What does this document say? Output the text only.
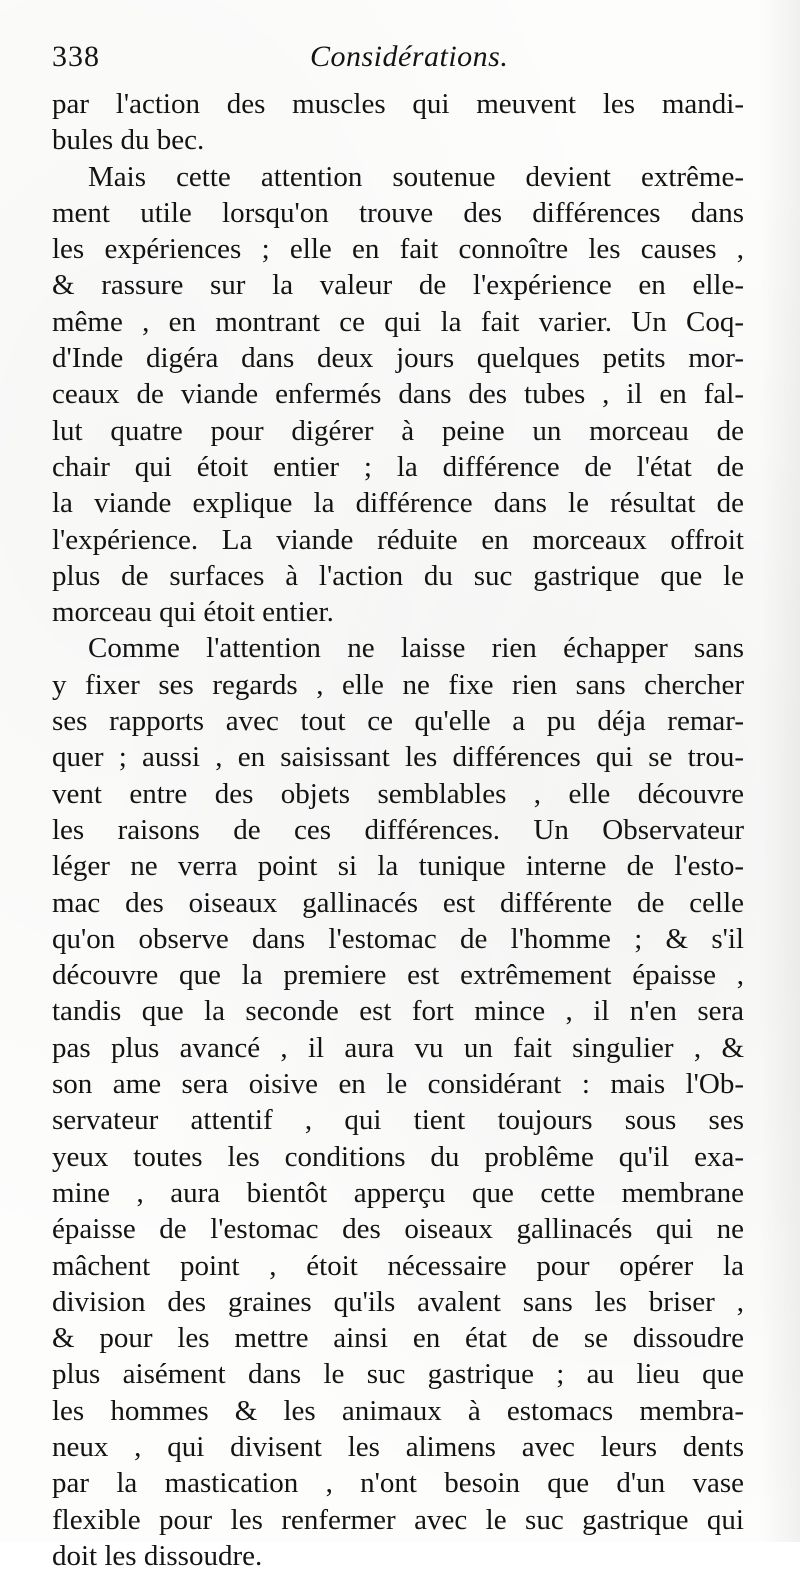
338	Considérations.
par l'action des muscles qui meuvent les mandi-
bules du bec.
Mais cette attention soutenue devient extrême-
ment utile lorsqu'on trouve des différences dans
les expériences ; elle en fait connoître les causes ,
& rassure sur la valeur de l'expérience en elle-
même , en montrant ce qui la fait varier. Un Coq-
d'Inde digéra dans deux jours quelques petits mor-
ceaux de viande enfermés dans des tubes , il en fal-
lut quatre pour digérer à peine un morceau de
chair qui étoit entier ; la différence de l'état de
la viande explique la différence dans le résultat de
l'expérience. La viande réduite en morceaux offroit
plus de surfaces à l'action du suc gastrique que le
morceau qui étoit entier.
Comme l'attention ne laisse rien échapper sans
y fixer ses regards , elle ne fixe rien sans chercher
ses rapports avec tout ce qu'elle a pu déja remar-
quer ; aussi , en saisissant les différences qui se trou-
vent entre des objets semblables , elle découvre
les raisons de ces différences. Un Observateur
léger ne verra point si la tunique interne de l'esto-
mac des oiseaux gallinacés est différente de celle
qu'on observe dans l'estomac de l'homme ; & s'il
découvre que la premiere est extrêmement épaisse ,
tandis que la seconde est fort mince , il n'en sera
pas plus avancé , il aura vu un fait singulier , &
son ame sera oisive en le considérant : mais l'Ob-
servateur attentif , qui tient toujours sous ses
yeux toutes les conditions du problême qu'il exa-
mine , aura bientôt apperçu que cette membrane
épaisse de l'estomac des oiseaux gallinacés qui ne
mâchent point , étoit nécessaire pour opérer la
division des graines qu'ils avalent sans les briser ,
& pour les mettre ainsi en état de se dissoudre
plus aisément dans le suc gastrique ; au lieu que
les hommes & les animaux à estomacs membra-
neux , qui divisent les alimens avec leurs dents
par la mastication , n'ont besoin que d'un vase
flexible pour les renfermer avec le suc gastrique qui
doit les dissoudre.
